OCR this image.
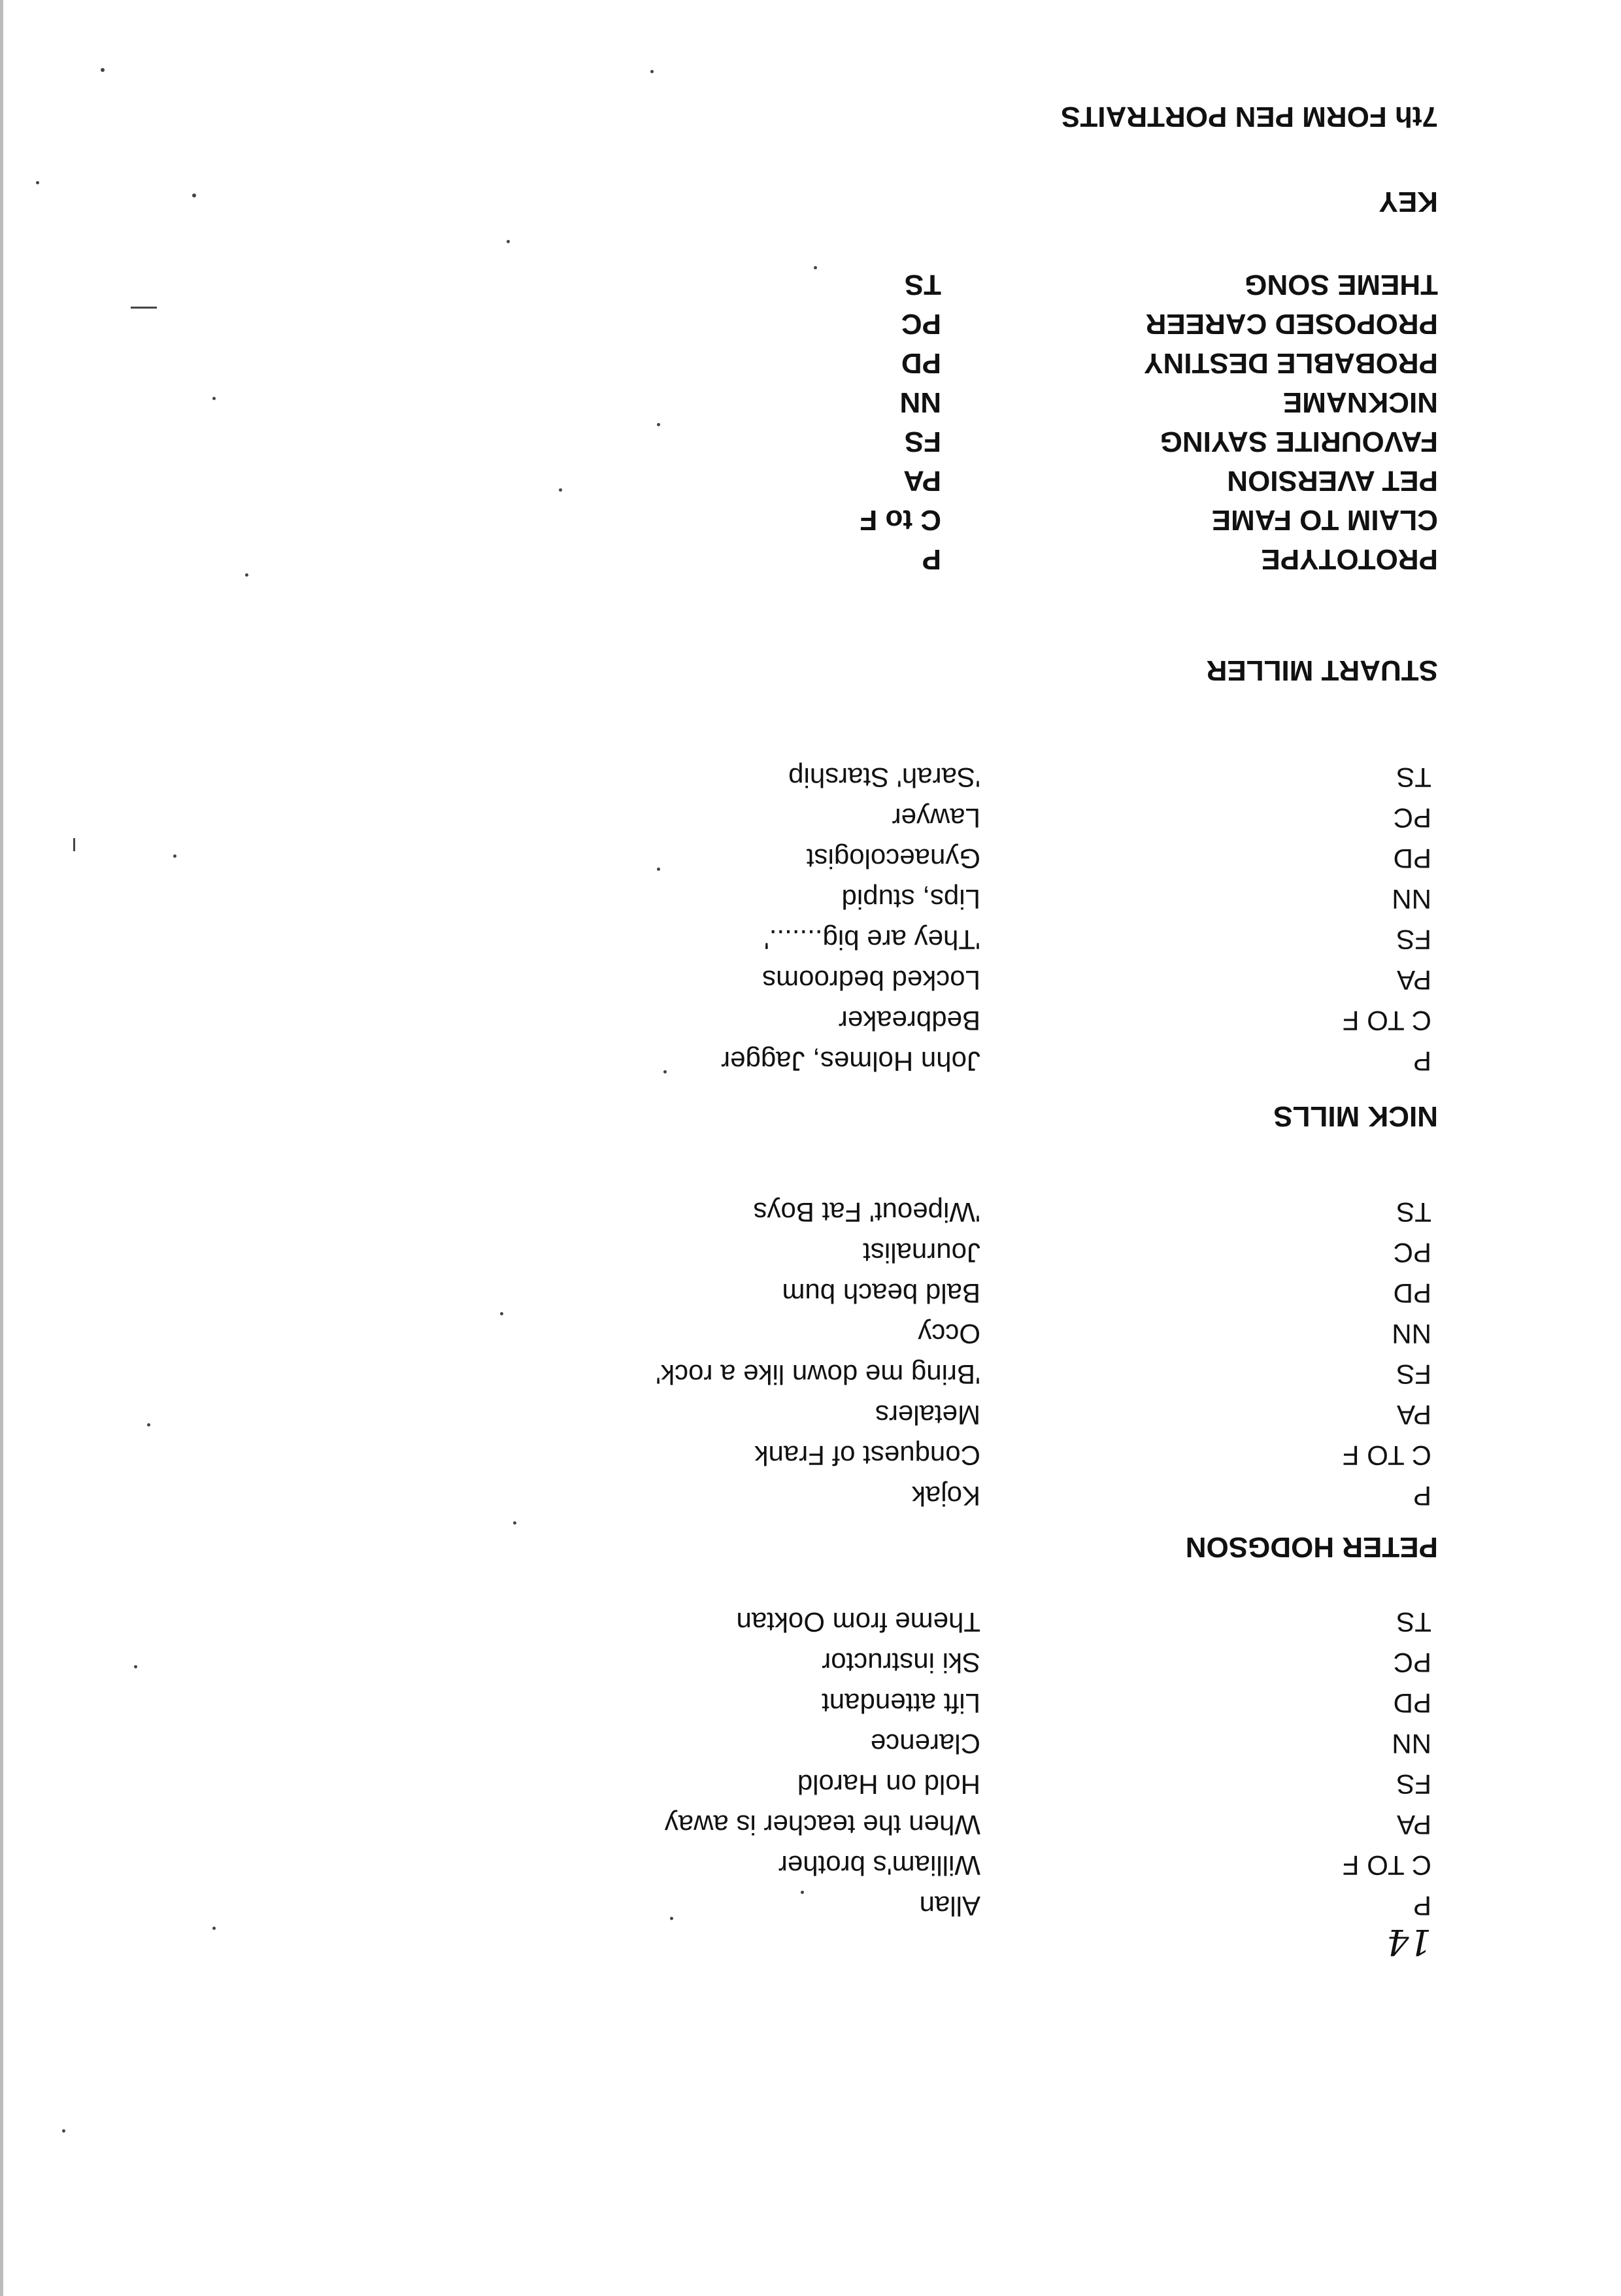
7th FORM PEN PORTRAITS
KEY
THEME SONG
TS
PROPOSED CAREER
PC
PROBABLE DESTINY
PD
NICKNAME
NN
FAVOURITE SAYING
FS
PET AVERSION
PA
CLAIM TO FAME
C to F
PROTOTYPE
P
STUART MILLER
TS
'Sarah' Starship
PC
Lawyer
PD
Gynaecologist
NN
Lips, stupid
FS
'They are big.......'
PA
Locked bedrooms
C TO F
Bedbreaker
P
John Holmes, Jagger
NICK MILLS
TS
'Wipeout' Fat Boys
PC
Journalist
PD
Bald beach bum
NN
Occy
FS
'Bring me down like a rock'
PA
Metalers
C TO F
Conquest of Frank
P
Kojak
PETER HODGSON
TS
Theme from Ooktan
PC
Ski instructor
PD
Lift attendant
NN
Clarence
FS
Hold on Harold
PA
When the teacher is away
C TO F
William's brother
P
Allan
14
